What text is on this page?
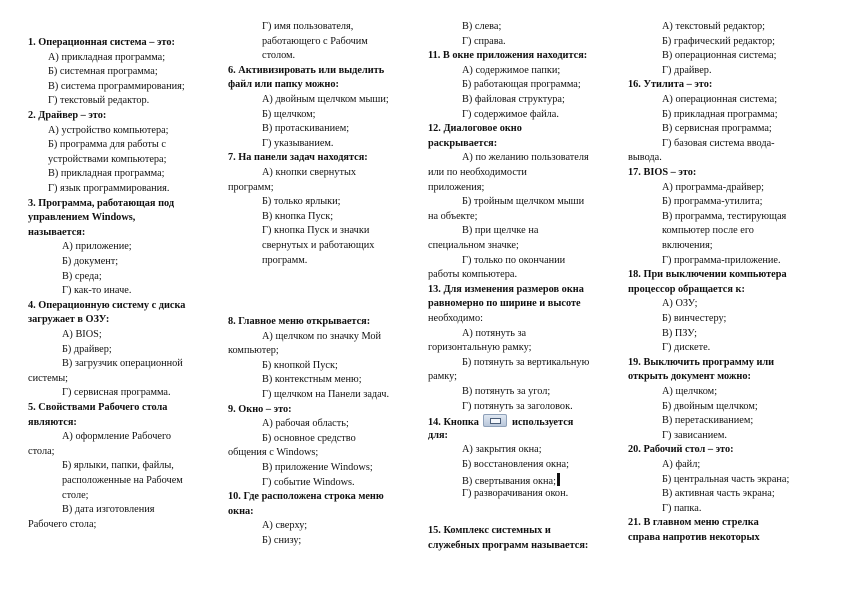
1. Операционная система – это:
А) прикладная программа;
Б) системная программа;
В) система программирования;
Г) текстовый редактор.
2. Драйвер – это:
А) устройство компьютера;
Б) программа для работы с
устройствами компьютера;
В) прикладная программа;
Г) язык программирования.
3. Программа, работающая под
управлением Windows,
называется:
А) приложение;
Б) документ;
В) среда;
Г) как-то иначе.
4. Операционную систему с диска
загружает в ОЗУ:
А) BIOS;
Б) драйвер;
В) загрузчик операционной
системы;
Г) сервисная программа.
5. Свойствами Рабочего стола
являются:
А) оформление Рабочего
стола;
Б) ярлыки, папки, файлы,
расположенные на Рабочем
столе;
В) дата изготовления
Рабочего стола;
Г) имя пользователя,
работающего с Рабочим
столом.
6. Активизировать или выделить
файл или папку можно:
А) двойным щелчком мыши;
Б) щелчком;
В) протаскиванием;
Г) указыванием.
7. На панели задач находятся:
А) кнопки свернутых
программ;
Б) только ярлыки;
В) кнопка Пуск;
Г) кнопка Пуск и значки
свернутых и работающих
программ.
8. Главное меню открывается:
А) щелчком по значку Мой
компьютер;
Б) кнопкой Пуск;
В) контекстным меню;
Г) щелчком на Панели задач.
9. Окно – это:
А) рабочая область;
Б) основное средство
общения с Windows;
В) приложение Windows;
Г) событие Windows.
10. Где расположена строка меню
окна:
А) сверху;
Б) снизу;
В) слева;
Г) справа.
11. В окне приложения находится:
А) содержимое папки;
Б) работающая программа;
В) файловая структура;
Г) содержимое файла.
12. Диалоговое окно
раскрывается:
А) по желанию пользователя
или по необходимости
приложения;
Б) тройным щелчком мыши
на объекте;
В) при щелчке на
специальном значке;
Г) только по окончании
работы компьютера.
13. Для изменения размеров окна
равномерно по ширине и высоте
необходимо:
А) потянуть за
горизонтальную рамку;
Б) потянуть за вертикальную
рамку;
В) потянуть за угол;
Г) потянуть за заголовок.
14. Кнопка	используется
для:
А) закрытия окна;
Б) восстановления окна;
В) свертывания окна;
Г) разворачивания окон.
15. Комплекс системных и
служебных программ называется:
А) текстовый редактор;
Б) графический редактор;
В) операционная система;
Г) драйвер.
16. Утилита – это:
А) операционная система;
Б) прикладная программа;
В) сервисная программа;
Г) базовая система ввода-
вывода.
17. BIOS – это:
А) программа-драйвер;
Б) программа-утилита;
В) программа, тестирующая
компьютер после его
включения;
Г) программа-приложение.
18. При выключении компьютера
процессор обращается к:
А) ОЗУ;
Б) винчестеру;
В) ПЗУ;
Г) дискете.
19. Выключить программу или
открыть документ можно:
А) щелчком;
Б) двойным щелчком;
В) перетаскиванием;
Г) зависанием.
20. Рабочий стол – это:
А) файл;
Б) центральная часть экрана;
В) активная часть экрана;
Г) папка.
21. В главном меню стрелка
справа напротив некоторых
